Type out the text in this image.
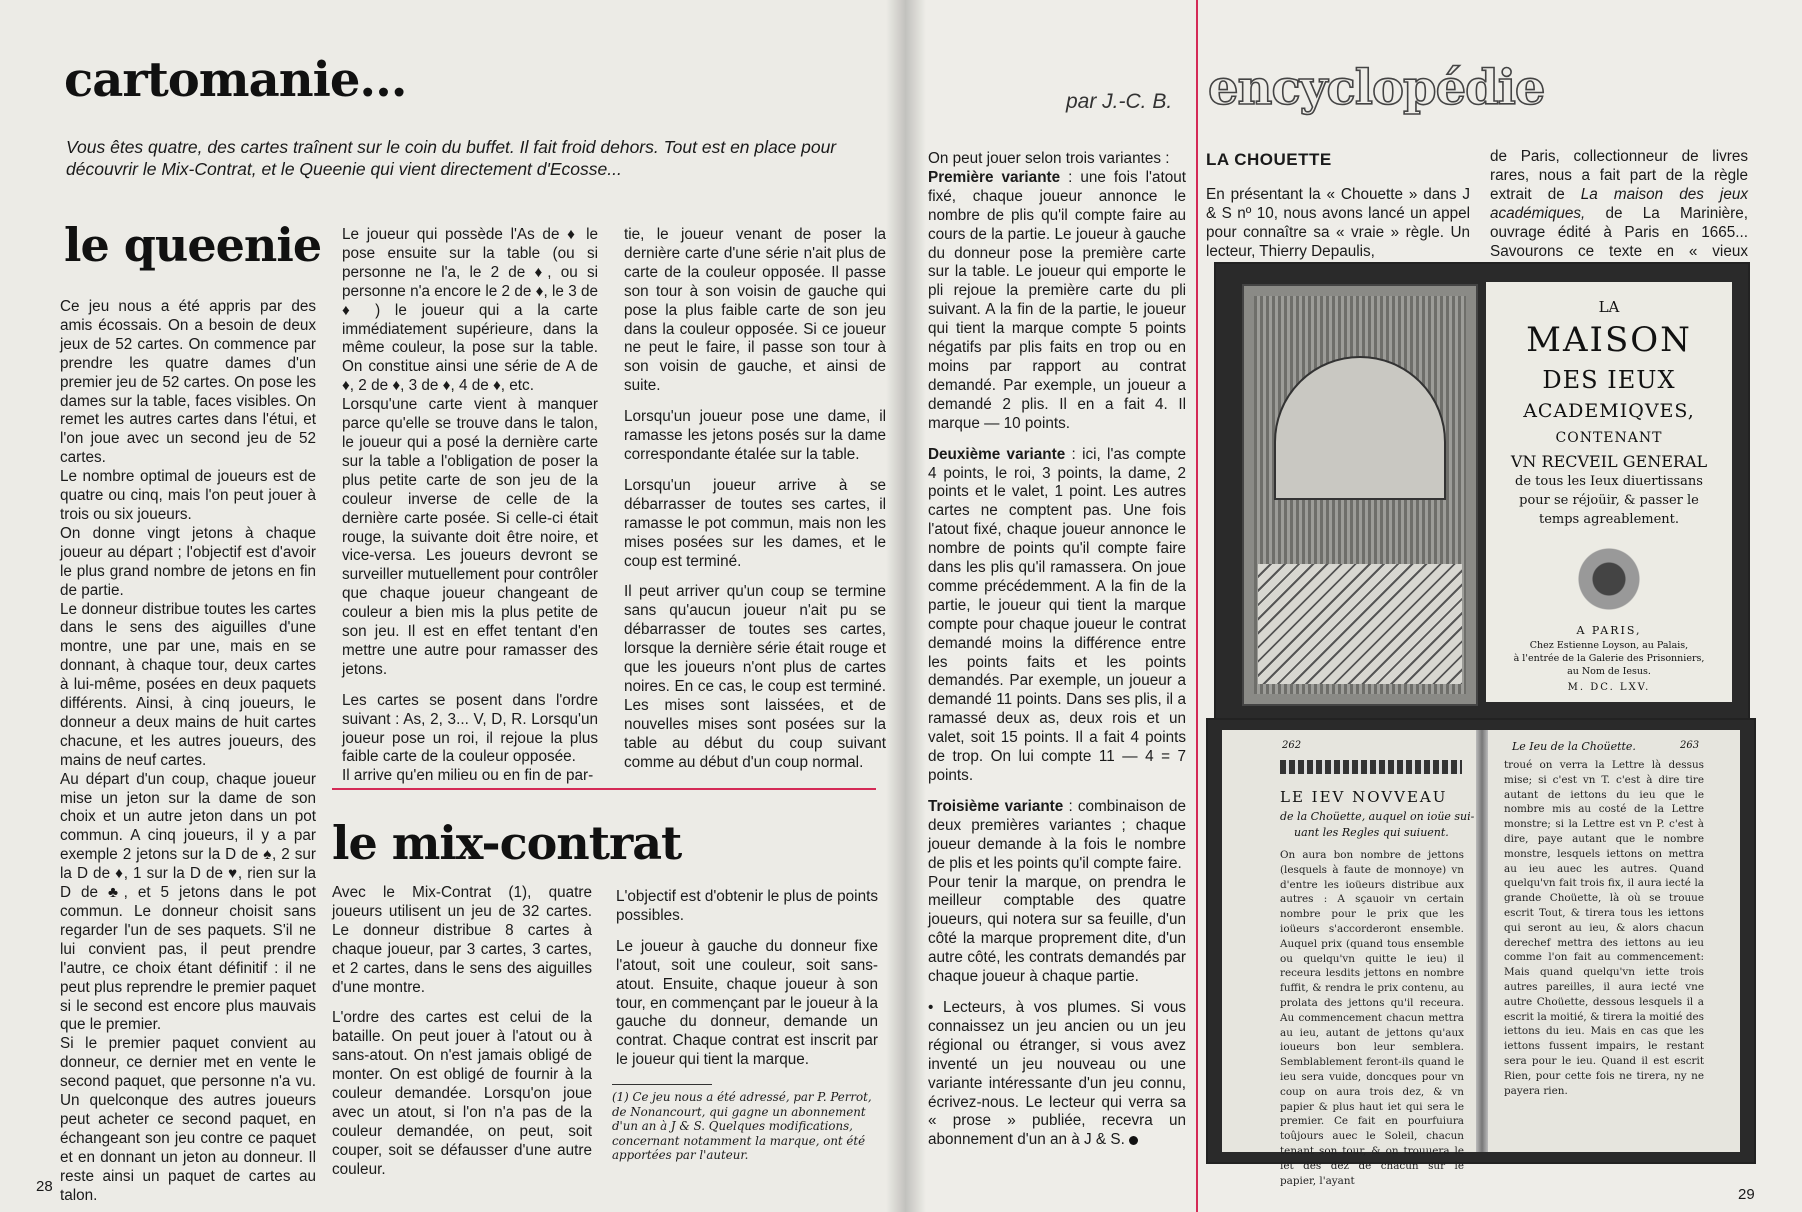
cartomanie...
Vous êtes quatre, des cartes traînent sur le coin du buffet. Il fait froid dehors. Tout est en place pour découvrir le Mix-Contrat, et le Queenie qui vient directement d'Ecosse...
le queenie

Ce jeu nous a été appris par des amis écossais. On a besoin de deux jeux de 52 cartes. On commence par prendre les quatre dames d'un premier jeu de 52 cartes. On pose les dames sur la table, faces visibles. On remet les autres cartes dans l'étui, et l'on joue avec un second jeu de 52 cartes.

Le nombre optimal de joueurs est de quatre ou cinq, mais l'on peut jouer à trois ou six joueurs.

On donne vingt jetons à chaque joueur au départ ; l'objectif est d'avoir le plus grand nombre de jetons en fin de partie.

Le donneur distribue toutes les cartes dans le sens des aiguilles d'une montre, une par une, mais en se donnant, à chaque tour, deux cartes à lui-même, posées en deux paquets différents. Ainsi, à cinq joueurs, le donneur a deux mains de huit cartes chacune, et les autres joueurs, des mains de neuf cartes.

Au départ d'un coup, chaque joueur mise un jeton sur la dame de son choix et un autre jeton dans un pot commun. A cinq joueurs, il y a par exemple 2 jetons sur la D de ♠, 2 sur la D de ♦, 1 sur la D de ♥, rien sur la D de ♣, et 5 jetons dans le pot commun. Le donneur choisit sans regarder l'un de ses paquets. S'il ne lui convient pas, il peut prendre l'autre, ce choix étant définitif : il ne peut plus reprendre le premier paquet si le second est encore plus mauvais que le premier.

Si le premier paquet convient au donneur, ce dernier met en vente le second paquet, que personne n'a vu. Un quelconque des autres joueurs peut acheter ce second paquet, en échangeant son jeu contre ce paquet et en donnant un jeton au donneur. Il reste ainsi un paquet de cartes au talon.

Le joueur qui possède l'As de ♦ le pose ensuite sur la table (ou si personne ne l'a, le 2 de ♦, ou si personne n'a encore le 2 de ♦, le 3 de ♦ ) le joueur qui a la carte immédiatement supérieure, dans la même couleur, la pose sur la table. On constitue ainsi une série de A de ♦, 2 de ♦, 3 de ♦, 4 de ♦, etc.

Lorsqu'une carte vient à manquer parce qu'elle se trouve dans le talon, le joueur qui a posé la dernière carte sur la table a l'obligation de poser la plus petite carte de son jeu de la couleur inverse de celle de la dernière carte posée. Si celle-ci était rouge, la suivante doit être noire, et vice-versa. Les joueurs devront se surveiller mutuellement pour contrôler que chaque joueur changeant de couleur a bien mis la plus petite de son jeu. Il est en effet tentant d'en mettre une autre pour ramasser des jetons.

Les cartes se posent dans l'ordre suivant : As, 2, 3... V, D, R. Lorsqu'un joueur pose un roi, il rejoue la plus faible carte de la couleur opposée.

Il arrive qu'en milieu ou en fin de par-

tie, le joueur venant de poser la dernière carte d'une série n'ait plus de carte de la couleur opposée. Il passe son tour à son voisin de gauche qui pose la plus faible carte de son jeu dans la couleur opposée. Si ce joueur ne peut le faire, il passe son tour à son voisin de gauche, et ainsi de suite.

Lorsqu'un joueur pose une dame, il ramasse les jetons posés sur la dame correspondante étalée sur la table.

Lorsqu'un joueur arrive à se débarrasser de toutes ses cartes, il ramasse le pot commun, mais non les mises posées sur les dames, et le coup est terminé.

Il peut arriver qu'un coup se termine sans qu'aucun joueur n'ait pu se débarrasser de toutes ses cartes, lorsque la dernière série était rouge et que les joueurs n'ont plus de cartes noires. En ce cas, le coup est terminé. Les mises sont laissées, et de nouvelles mises sont posées sur la table au début du coup suivant comme au début d'un coup normal.

le mix-contrat

Avec le Mix-Contrat (1), quatre joueurs utilisent un jeu de 32 cartes. Le donneur distribue 8 cartes à chaque joueur, par 3 cartes, 3 cartes, et 2 cartes, dans le sens des aiguilles d'une montre.

L'ordre des cartes est celui de la bataille. On peut jouer à l'atout ou à sans-atout. On n'est jamais obligé de monter. On est obligé de fournir à la couleur demandée. Lorsqu'on joue avec un atout, si l'on n'a pas de la couleur demandée, on peut, soit couper, soit se défausser d'une autre couleur.

L'objectif est d'obtenir le plus de points possibles.

Le joueur à gauche du donneur fixe l'atout, soit une couleur, soit sans-atout. Ensuite, chaque joueur à son tour, en commençant par le joueur à la gauche du donneur, demande un contrat. Chaque contrat est inscrit par le joueur qui tient la marque.

(1) Ce jeu nous a été adressé, par P. Perrot, de Nonancourt, qui gagne un abonnement d'un an à J & S. Quelques modifications, concernant notamment la marque, ont été apportées par l'auteur.
28
par J.-C. B. encyclopédie

On peut jouer selon trois variantes :

Première variante : une fois l'atout fixé, chaque joueur annonce le nombre de plis qu'il compte faire au cours de la partie. Le joueur à gauche du donneur pose la première carte sur la table. Le joueur qui emporte le pli rejoue la première carte du pli suivant. A la fin de la partie, le joueur qui tient la marque compte 5 points négatifs par plis faits en trop ou en moins par rapport au contrat demandé. Par exemple, un joueur a demandé 2 plis. Il en a fait 4. Il marque — 10 points.

Deuxième variante : ici, l'as compte 4 points, le roi, 3 points, la dame, 2 points et le valet, 1 point. Les autres cartes ne comptent pas. Une fois l'atout fixé, chaque joueur annonce le nombre de points qu'il compte faire dans les plis qu'il ramassera. On joue comme précédemment. A la fin de la partie, le joueur qui tient la marque compte pour chaque joueur le contrat demandé moins la différence entre les points faits et les points demandés. Par exemple, un joueur a demandé 11 points. Dans ses plis, il a ramassé deux as, deux rois et un valet, soit 15 points. Il a fait 4 points de trop. On lui compte 11 — 4 = 7 points.

Troisième variante : combinaison de deux premières variantes ; chaque joueur demande à la fois le nombre de plis et les points qu'il compte faire.

Pour tenir la marque, on prendra le meilleur comptable des quatre joueurs, qui notera sur sa feuille, d'un côté la marque proprement dite, d'un autre côté, les contrats demandés par chaque joueur à chaque partie.

• Lecteurs, à vos plumes. Si vous connaissez un jeu ancien ou un jeu régional ou étranger, si vous avez inventé un jeu nouveau ou une variante intéressante d'un jeu connu, écrivez-nous. Le lecteur qui verra sa « prose » publiée, recevra un abonnement d'un an à J & S.

LA CHOUETTE

En présentant la « Chouette » dans J & S nº 10, nous avons lancé un appel pour connaître sa « vraie » règle. Un lecteur, Thierry Depaulis,

de Paris, collectionneur de livres rares, nous a fait part de la règle extrait de La maison des jeux académiques, de La Marinière, ouvrage édité à Paris en 1665... Savourons ce texte en « vieux

LA
MAISON
DES IEUX
ACADEMIQVES,
CONTENANT
VN RECVEIL GENERAL
de tous les Ieux diuertissans
pour se réjoüir, & passer le
temps agreablement.
A PARIS,
Chez Estienne Loyson, au Palais,
à l'entrée de la Galerie des Prisonniers,
au Nom de Iesus.
M. DC. LXV.
262
LE IEV NOVVEAU
de la Choüette, auquel on ioüe sui-
uant les Regles qui suiuent.
On aura bon nombre de jettons (lesquels à faute de monnoye) vn d'entre les ioüeurs distribue aux autres : A sçauoir vn certain nombre pour le prix que les ioüeurs s'accorderont ensemble. Auquel prix (quand tous ensemble ou quelqu'vn quitte le ieu) il receura lesdits jettons en nombre fuffit, & rendra le prix contenu, au prolata des jettons qu'il receura. Au commencement chacun mettra au ieu, autant de jettons qu'aux ioueurs bon leur semblera. Semblablement feront-ils quand le ieu sera vuide, doncques pour vn coup on aura trois dez, & vn papier & plus haut iet qui sera le premier. Ce fait en pourfuiura toûjours auec le Soleil, chacun tenant son tour, & on trouuera le iet des dez de chacun sur le papier, l'ayant
Le Ieu de la Choüette.	263
troué on verra la Lettre là dessus mise; si c'est vn T. c'est à dire tire autant de iettons du ieu que le nombre mis au costé de la Lettre monstre; si la Lettre est vn P. c'est à dire, paye autant que le nombre monstre, lesquels iettons on mettra au ieu auec les autres. Quand quelqu'vn fait trois fix, il aura iecté la grande Choüette, là où se trouue escrit Tout, & tirera tous les iettons qui seront au ieu, & alors chacun derechef mettra des iettons au ieu comme l'on fait au commencement: Mais quand quelqu'vn iette trois autres pareilles, il aura iecté vne autre Choüette, dessous lesquels il a escrit la moitié, & tirera la moitié des iettons du ieu. Mais en cas que les iettons fussent impairs, le restant sera pour le ieu. Quand il est escrit Rien, pour cette fois ne tirera, ny ne payera rien.
29
